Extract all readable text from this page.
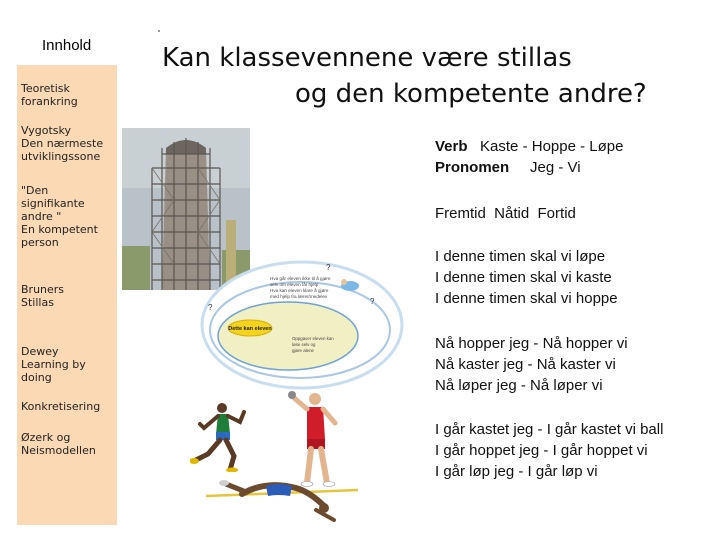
Innhold
Teoretisk
forankring
Vygotsky
Den nærmeste
utviklingssone
"Den
signifikante
andre "
En kompetent
person
Bruners
Stillas
Dewey
Learning by
doing
Konkretisering
Øzerk og
Neismodellen
Kan klassevennene være stillas
og den kompetente andre?
Dette kan eleven
Hva går eleven ikke til å gjøre
selv om eleven får hjelp
Hva kan eleven klare å gjøre
med hjelp fra lærer/medelev
Oppgaver eleven kan
løse selv og
gjøre alene
?
?
?
Verb Kaste - Hoppe - Løpe
Pronomen Jeg - Vi
Fremtid  Nåtid  Fortid
I denne timen skal vi løpe
I denne timen skal vi kaste
I denne timen skal vi hoppe
Nå hopper jeg - Nå hopper vi
Nå kaster jeg - Nå kaster vi
Nå løper jeg - Nå løper vi
I går kastet jeg - I går kastet vi ball
I går hoppet jeg - I går hoppet vi
I går løp jeg - I går løp vi
